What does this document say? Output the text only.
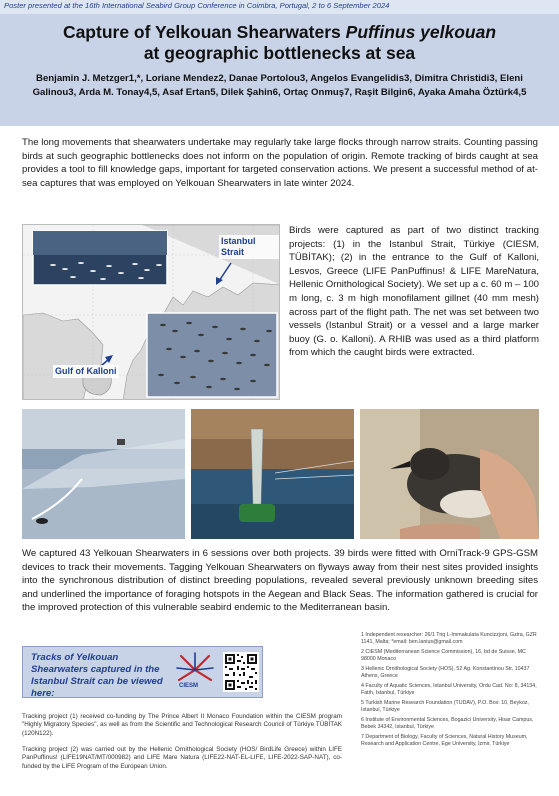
Poster presented at the 16th International Seabird Group Conference in Coimbra, Portugal, 2 to 6 September 2024
Capture of Yelkouan Shearwaters Puffinus yelkouan
at geographic bottlenecks at sea
Benjamin J. Metzger1,*, Loriane Mendez2, Danae Portolou3, Angelos Evangelidis3, Dimitra Christidi3, Eleni
Galinou3, Arda M. Tonay4,5, Asaf Ertan5, Dilek Şahin6, Ortaç Onmuş7, Raşit Bilgin6, Ayaka Amaha Öztürk4,5

The long movements that shearwaters undertake may regularly take large flocks through narrow straits. Counting passing birds at such geographic bottlenecks does not inform on the population of origin. Remote tracking of birds caught at sea provides a tool to fill knowledge gaps, important for targeted conservation actions. We present a successful method of at-sea captures that was employed on Yelkouan Shearwaters in late winter 2024.

Istanbul Strait
Gulf of Kalloni

Birds were captured as part of two distinct tracking projects: (1) in the Istanbul Strait, Türkiye (CIESM, TÜBİTAK); (2) in the entrance to the Gulf of Kalloni, Lesvos, Greece (LIFE PanPuffinus! & LIFE MareNatura, Hellenic Ornithological Society). We set up a c. 60 m – 100 m long, c. 3 m high monofilament gillnet (40 mm mesh) across part of the flight path. The net was set between two vessels (Istanbul Strait) or a vessel and a large marker buoy (G. o. Kalloni). A RHIB was used as a third platform from which the caught birds were extracted.

We captured 43 Yelkouan Shearwaters in 6 sessions over both projects. 39 birds were fitted with OrniTrack-9 GPS-GSM devices to track their movements. Tagging Yelkouan Shearwaters on flyways away from their nest sites provided insights into the synchronous distribution of distinct breeding populations, revealed several previously unknown breeding sites and underlined the importance of foraging hotspots in the Aegean and Black Seas. The information gathered is crucial for the improved protection of this vulnerable seabird endemic to the Mediterranean basin.

Tracks of Yelkouan Shearwaters captured in the Istanbul Strait can be viewed here:
CIESM

Tracking project (1) received co-funding by The Prince Albert II Monaco Foundation within the CIESM program "Highly Migratory Species", as well as from the Scientific and Technological Research Council of Türkiye TÜBİTAK (120N122).

Tracking project (2) was carried out by the Hellenic Ornithological Society (HOS/ BirdLife Greece) within LIFE PanPuffinus! (LIFE19NAT/MT/000982) and LIFE Mare Natura (LIFE22-NAT-EL-LIFE, LIFE-2022-SAP-NAT), co-funded by the LIFE Program of the European Union.

1 Independent researcher: 26/1 Triq L-Immakulata Kuncizzjoni, Gzira, GZR 1141, Malta; *email: ben.lanius@gmail.com
2 CIESM (Mediterranean Science Commission), 16, bd de Suisse, MC 98000 Monaco
3 Hellenic Ornithological Society (HOS), 52 Ag. Konstantinou Str, 10437 Athens, Greece
4 Faculty of Aquatic Sciences, Istanbul University, Ordu Cad. No: 8, 34134, Fatih, Istanbul, Türkiye
5 Turkish Marine Research Foundation (TUDAV), P.O. Box: 10, Beykoz, Istanbul, Türkiye
6 Institute of Environmental Sciences, Bogazici University, Hisar Campus, Bebek 34342, Istanbul, Türkiye
7 Department of Biology, Faculty of Sciences, Natural History Museum, Research and Application Centre, Ege University, Izmir, Türkiye
